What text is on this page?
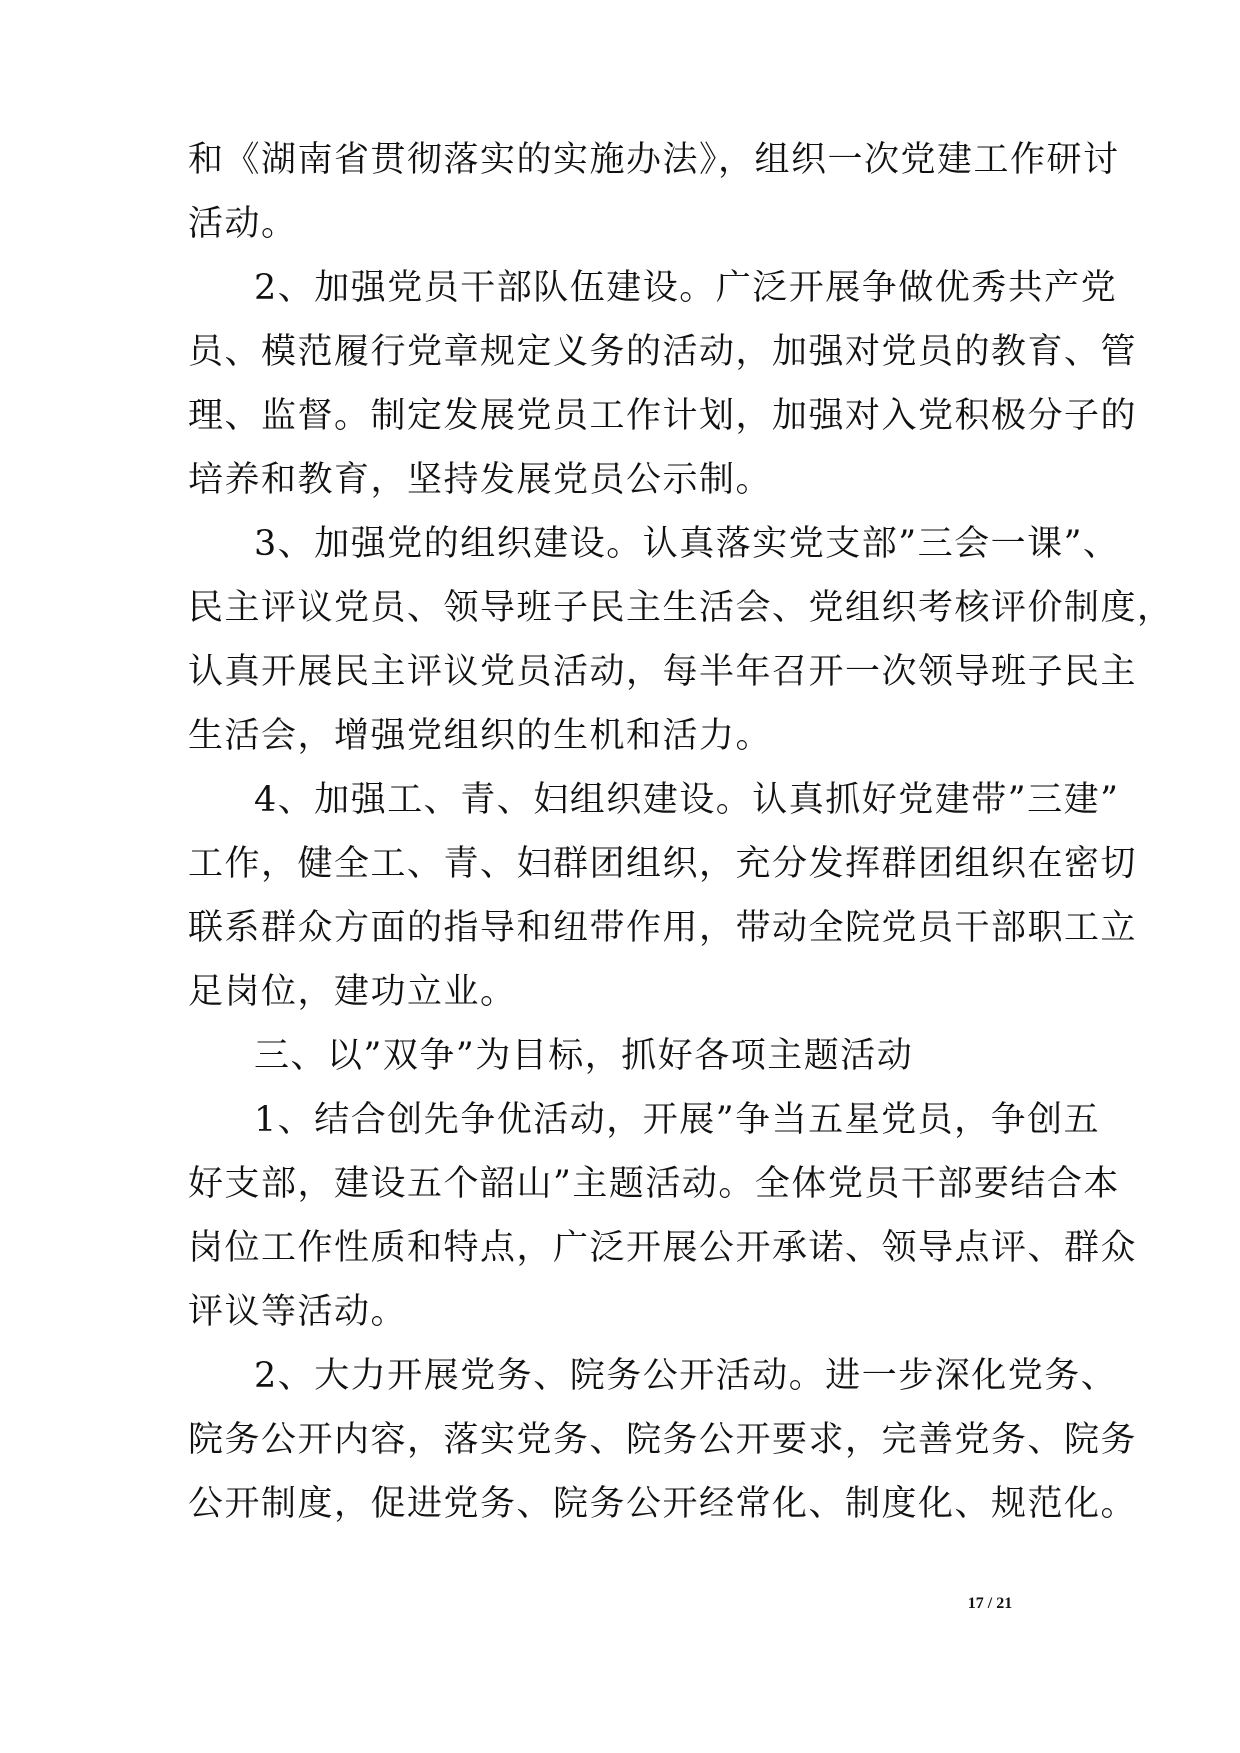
和《湖南省贯彻落实的实施办法》，组织一次党建工作研讨
活动。
2、加强党员干部队伍建设。广泛开展争做优秀共产党
员、模范履行党章规定义务的活动，加强对党员的教育、管
理、监督。制定发展党员工作计划，加强对入党积极分子的
培养和教育，坚持发展党员公示制。
3、加强党的组织建设。认真落实党支部”三会一课”、
民主评议党员、领导班子民主生活会、党组织考核评价制度，
认真开展民主评议党员活动，每半年召开一次领导班子民主
生活会，增强党组织的生机和活力。
4、加强工、青、妇组织建设。认真抓好党建带”三建”
工作，健全工、青、妇群团组织，充分发挥群团组织在密切
联系群众方面的指导和纽带作用，带动全院党员干部职工立
足岗位，建功立业。
三、以”双争”为目标，抓好各项主题活动
1、结合创先争优活动，开展”争当五星党员，争创五
好支部，建设五个韶山”主题活动。全体党员干部要结合本
岗位工作性质和特点，广泛开展公开承诺、领导点评、群众
评议等活动。
2、大力开展党务、院务公开活动。进一步深化党务、
院务公开内容，落实党务、院务公开要求，完善党务、院务
公开制度，促进党务、院务公开经常化、制度化、规范化。
17 / 21
